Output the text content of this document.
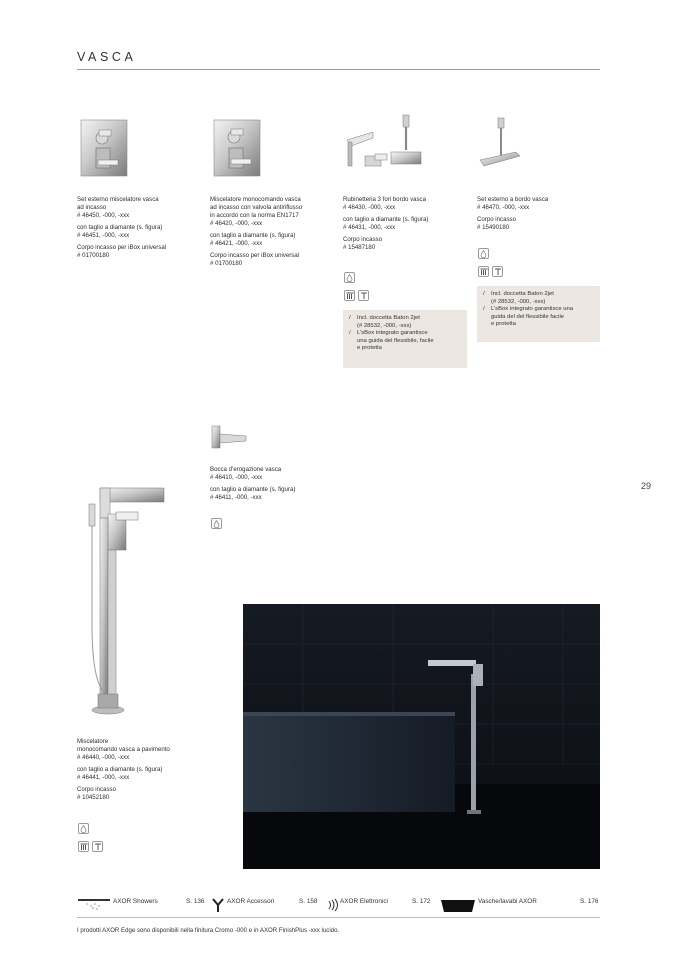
VASCA
29

Set esterno miscelatore vasca
ad incasso
# 46450, -000, -xxx

con taglio a diamante (s. figura)
# 46451, -000, -xxx

Corpo incasso per iBox universal
# 01700180

Miscelatore monocomando vasca
ad incasso con valvola antiriflusso
in accordo con la norma EN1717
# 46420, -000, -xxx

con taglio a diamante (s. figura)
# 46421, -000, -xxx

Corpo incasso per iBox universal
# 01700180

Rubinetteria 3 fori bordo vasca
# 46430, -000, -xxx

con taglio a diamante (s. figura)
# 46431, -000, -xxx

Corpo incasso
# 15487180

/	Incl. doccetta Baton 2jet
(# 28532, -000, -xxx)
/	L’sBox integrato garantisce
una guida del flessibile, facile
e protetta

Set esterno a bordo vasca
# 46470, -000, -xxx

Corpo incasso
# 15490180

/	Incl. doccetta Baton 2jet
(# 28532, -000, -xxx)
/	L’sBox integrato garantisce una
guida del del flessibile facile
e protetta

Bocca d’erogazione vasca
# 46410, -000, -xxx

con taglio a diamante (s. figura)
# 46411, -000, -xxx

Miscelatore
monocomando vasca a pavimento
# 46440, -000, -xxx

con taglio a diamante (s. figura)
# 46441, -000, -xxx

Corpo incasso
# 10452180

AXOR Showers	S. 136	AXOR Accessori	S. 158	AXOR Elettronici	S. 172	Vasche/lavabi AXOR	S. 176
I prodotti AXOR Edge sono disponibili nella finitura Cromo -000 e in AXOR FinishPlus -xxx lucido.
